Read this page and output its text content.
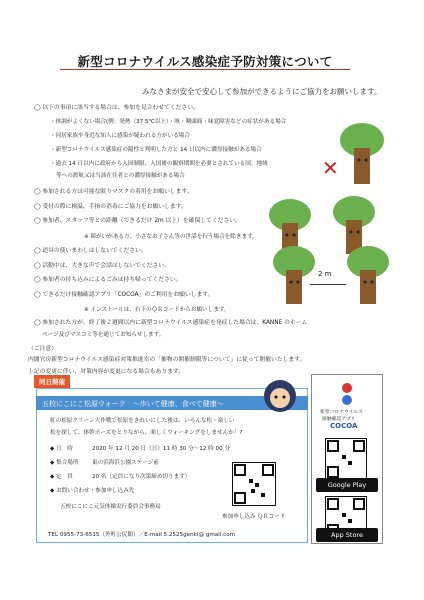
新型コロナウイルス感染症予防対策について
みなさまが安全で安心して参加ができるようにご協力をお願いします。
◯ 以下の事項に該当する場合は、参加を見合わせてください。
・体調がよくない場合(例：発熱（37.5℃以上）・咳・咽頭痛・味覚障害などの症状がある場合
・同居家族や身近な知人に感染が疑われる方がいる場合
・新型コロナウイルス感染症の陽性と判明した方と 14 日以内に濃厚接触がある場合
・過去 14 日以内に政府から入国制限、入国後の観察期間を必要とされている国、地域
等への渡航又は当該在住者との濃厚接触がある場合
◯ 参加される方は可能な限りマスクの着用をお願いします。
◯ 受付の際に検温、手指の消毒にご協力をお願いします。
◯ 参加者、スタッフ等との距離（できるだけ 2m 以上）を確保してください。
※ 障がいがある方、小さなお子さん等の世話を行う場合を除きます。
◯ 道具の使いまわしはしないでください。
◯ 活動中は、大きな声で会話はしないでください。
◯ 参加者の持ち込みによるごみは持ち帰ってください。
◯ できるだけ接触確認アプリ「COCOA」のご利用をお願いします。
※ インストールは、右下のＱＲコードからお願いします。
◯ 参加された方が、終了後２週間以内に新型コロナウイルス感染症を発症した場合は、KANNE のホーム
ページ及びマスコミ等を通じてお知らせします。
（ご注意）
内閣官房新型コロナウイルス感染症対策推進室の「催物の開催制限等について」に従って開催いたします。
上記の変更に伴い、対策内容が変更になる場合もあります。
✕
2 m
同日開催
五校にこにこ松原ウォーク　～歩いて健康、食べて健康～
虹の松原クリーン大作戦で松原をきれいにした後は、いろんな松・楽しい
松を探して、体幹ポーズをとりながら、楽しくウォーキングをしませんか！?
◆ 日　時	2020 年 12 月 20 日（日）11 時 30 分～12 時 00 分
◆ 集合場所 東の浜海浜公園ステージ前
◆ 定　員	20 名（定員になり次第締め切ります）
◆ お問い合わせ・参加申し込み先
五校にこにこ元気体操実行委員会事務局
TEL 0955-73-6515（外町公民館）／E-mail 5.2525genki@ gmail.com
参加申し込み ＱＲコード
新型コロナウイルス
接触確認アプリ
COCOA
Google Play
App Store
